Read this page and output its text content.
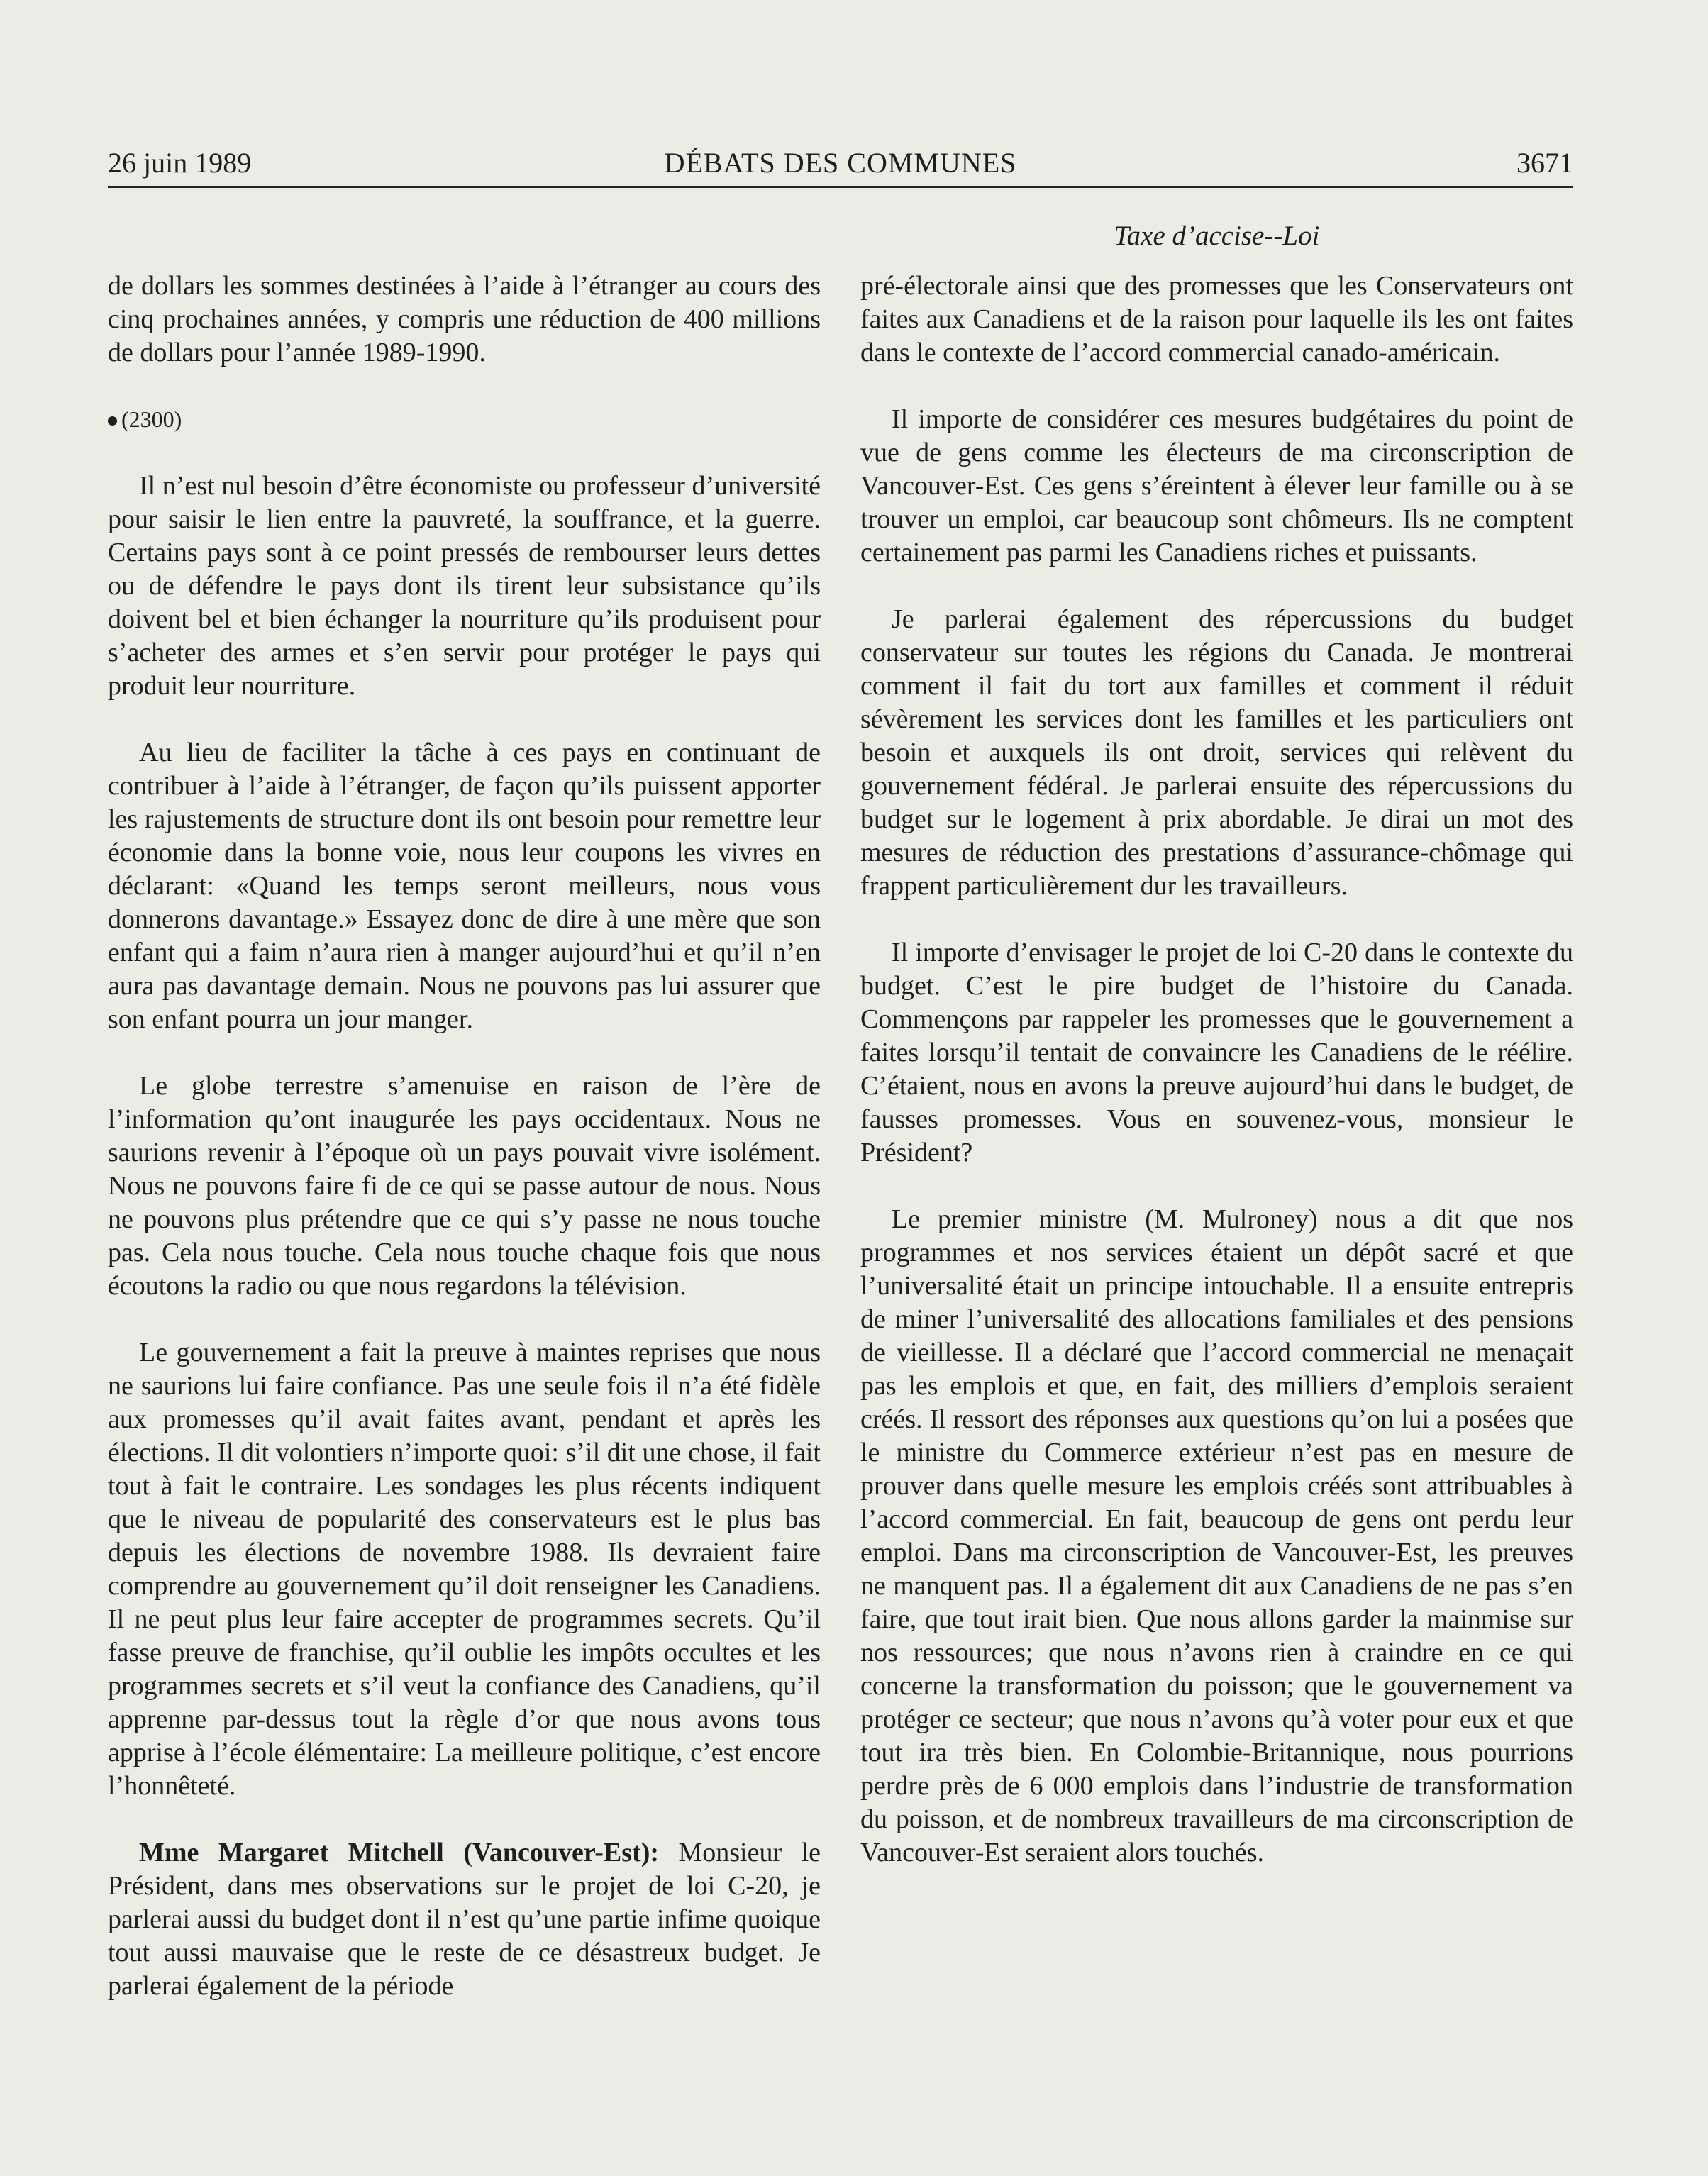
26 juin 1989	DÉBATS DES COMMUNES	3671
Taxe d’accise--Loi

de dollars les sommes destinées à l’aide à l’étranger au cours des cinq prochaines années, y compris une réduction de 400 millions de dollars pour l’année 1989-1990.

(2300)

Il n’est nul besoin d’être économiste ou professeur d’université pour saisir le lien entre la pauvreté, la souffrance, et la guerre. Certains pays sont à ce point pressés de rembourser leurs dettes ou de défendre le pays dont ils tirent leur subsistance qu’ils doivent bel et bien échanger la nourriture qu’ils produisent pour s’acheter des armes et s’en servir pour protéger le pays qui produit leur nourriture.

Au lieu de faciliter la tâche à ces pays en continuant de contribuer à l’aide à l’étranger, de façon qu’ils puissent apporter les rajustements de structure dont ils ont besoin pour remettre leur économie dans la bonne voie, nous leur coupons les vivres en déclarant: «Quand les temps seront meilleurs, nous vous donnerons davantage.» Essayez donc de dire à une mère que son enfant qui a faim n’aura rien à manger aujourd’hui et qu’il n’en aura pas davantage demain. Nous ne pouvons pas lui assurer que son enfant pourra un jour manger.

Le globe terrestre s’amenuise en raison de l’ère de l’information qu’ont inaugurée les pays occidentaux. Nous ne saurions revenir à l’époque où un pays pouvait vivre isolément. Nous ne pouvons faire fi de ce qui se passe autour de nous. Nous ne pouvons plus prétendre que ce qui s’y passe ne nous touche pas. Cela nous touche. Cela nous touche chaque fois que nous écoutons la radio ou que nous regardons la télévision.

Le gouvernement a fait la preuve à maintes reprises que nous ne saurions lui faire confiance. Pas une seule fois il n’a été fidèle aux promesses qu’il avait faites avant, pendant et après les élections. Il dit volontiers n’importe quoi: s’il dit une chose, il fait tout à fait le contraire. Les sondages les plus récents indiquent que le niveau de popularité des conservateurs est le plus bas depuis les élections de novembre 1988. Ils devraient faire comprendre au gouvernement qu’il doit renseigner les Canadiens. Il ne peut plus leur faire accepter de programmes secrets. Qu’il fasse preuve de franchise, qu’il oublie les impôts occultes et les programmes secrets et s’il veut la confiance des Canadiens, qu’il apprenne par-dessus tout la règle d’or que nous avons tous apprise à l’école élémentaire: La meilleure politique, c’est encore l’honnêteté.

Mme Margaret Mitchell (Vancouver-Est): Monsieur le Président, dans mes observations sur le projet de loi C-20, je parlerai aussi du budget dont il n’est qu’une partie infime quoique tout aussi mauvaise que le reste de ce désastreux budget. Je parlerai également de la période

pré-électorale ainsi que des promesses que les Conservateurs ont faites aux Canadiens et de la raison pour laquelle ils les ont faites dans le contexte de l’accord commercial canado-américain.

Il importe de considérer ces mesures budgétaires du point de vue de gens comme les électeurs de ma circonscription de Vancouver-Est. Ces gens s’éreintent à élever leur famille ou à se trouver un emploi, car beaucoup sont chômeurs. Ils ne comptent certainement pas parmi les Canadiens riches et puissants.

Je parlerai également des répercussions du budget conservateur sur toutes les régions du Canada. Je montrerai comment il fait du tort aux familles et comment il réduit sévèrement les services dont les familles et les particuliers ont besoin et auxquels ils ont droit, services qui relèvent du gouvernement fédéral. Je parlerai ensuite des répercussions du budget sur le logement à prix abordable. Je dirai un mot des mesures de réduction des prestations d’assurance-chômage qui frappent particulièrement dur les travailleurs.

Il importe d’envisager le projet de loi C-20 dans le contexte du budget. C’est le pire budget de l’histoire du Canada. Commençons par rappeler les promesses que le gouvernement a faites lorsqu’il tentait de convaincre les Canadiens de le réélire. C’étaient, nous en avons la preuve aujourd’hui dans le budget, de fausses promesses. Vous en souvenez-vous, monsieur le Président?

Le premier ministre (M. Mulroney) nous a dit que nos programmes et nos services étaient un dépôt sacré et que l’universalité était un principe intouchable. Il a ensuite entrepris de miner l’universalité des allocations familiales et des pensions de vieillesse. Il a déclaré que l’accord commercial ne menaçait pas les emplois et que, en fait, des milliers d’emplois seraient créés. Il ressort des réponses aux questions qu’on lui a posées que le ministre du Commerce extérieur n’est pas en mesure de prouver dans quelle mesure les emplois créés sont attribuables à l’accord commercial. En fait, beaucoup de gens ont perdu leur emploi. Dans ma circonscription de Vancouver-Est, les preuves ne manquent pas. Il a également dit aux Canadiens de ne pas s’en faire, que tout irait bien. Que nous allons garder la mainmise sur nos ressources; que nous n’avons rien à craindre en ce qui concerne la transformation du poisson; que le gouvernement va protéger ce secteur; que nous n’avons qu’à voter pour eux et que tout ira très bien. En Colombie-Britannique, nous pourrions perdre près de 6 000 emplois dans l’industrie de transformation du poisson, et de nombreux travailleurs de ma circonscription de Vancouver-Est seraient alors touchés.
